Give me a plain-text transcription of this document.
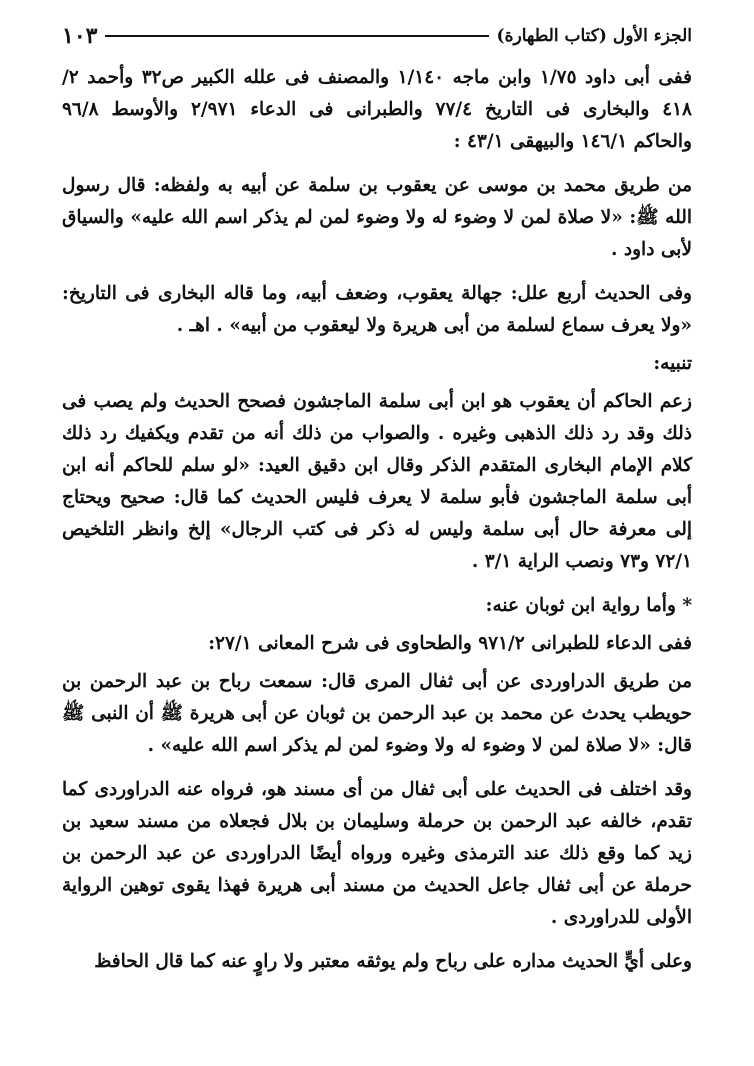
الجزء الأول (كتاب الطهارة)
١٠٣

ففى أبى داود ١/٧٥ وابن ماجه ١/١٤٠ والمصنف فى علله الكبير ص٣٢ وأحمد ٢/ ٤١٨ والبخارى فى التاريخ ٧٧/٤ والطبرانى فى الدعاء ٢/٩٧١ والأوسط ٩٦/٨ والحاكم ١٤٦/١ والبيهقى ٤٣/١ :

من طريق محمد بن موسى عن يعقوب بن سلمة عن أبيه به ولفظه: قال رسول الله ﷺ: «لا صلاة لمن لا وضوء له ولا وضوء لمن لم يذكر اسم الله عليه» والسياق لأبى داود .

وفى الحديث أربع علل: جهالة يعقوب، وضعف أبيه، وما قاله البخارى فى التاريخ: «ولا يعرف سماع لسلمة من أبى هريرة ولا ليعقوب من أبيه» . اهـ .

تنبيه:

زعم الحاكم أن يعقوب هو ابن أبى سلمة الماجشون فصحح الحديث ولم يصب فى ذلك وقد رد ذلك الذهبى وغيره . والصواب من ذلك أنه من تقدم ويكفيك رد ذلك كلام الإمام البخارى المتقدم الذكر وقال ابن دقيق العيد: «لو سلم للحاكم أنه ابن أبى سلمة الماجشون فأبو سلمة لا يعرف فليس الحديث كما قال: صحيح ويحتاج إلى معرفة حال أبى سلمة وليس له ذكر فى كتب الرجال» إلخ وانظر التلخيص ٧٢/١ و٧٣ ونصب الراية ٣/١ .

* وأما رواية ابن ثوبان عنه:

ففى الدعاء للطبرانى ٩٧١/٢ والطحاوى فى شرح المعانى ٢٧/١:

من طريق الدراوردى عن أبى ثفال المرى قال: سمعت رباح بن عبد الرحمن بن حويطب يحدث عن محمد بن عبد الرحمن بن ثوبان عن أبى هريرة ﷺ أن النبى ﷺ قال: «لا صلاة لمن لا وضوء له ولا وضوء لمن لم يذكر اسم الله عليه» .

وقد اختلف فى الحديث على أبى ثفال من أى مسند هو، فرواه عنه الدراوردى كما تقدم، خالفه عبد الرحمن بن حرملة وسليمان بن بلال فجعلاه من مسند سعيد بن زيد كما وقع ذلك عند الترمذى وغيره ورواه أيضًا الدراوردى عن عبد الرحمن بن حرملة عن أبى ثفال جاعل الحديث من مسند أبى هريرة فهذا يقوى توهين الرواية الأولى للدراوردى .

وعلى أيٍّ الحديث مداره على رباح ولم يوثقه معتبر ولا راوٍ عنه كما قال الحافظ
